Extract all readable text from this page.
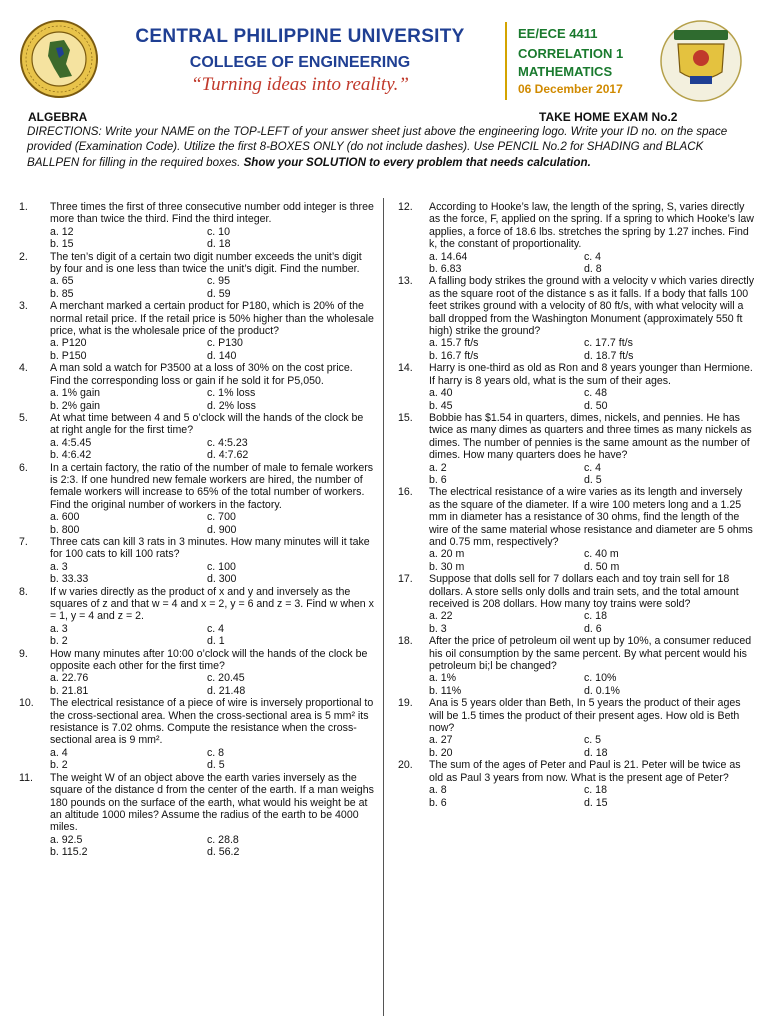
CENTRAL PHILIPPINE UNIVERSITY
COLLEGE OF ENGINEERING
“Turning ideas into reality.”
EE/ECE 4411
CORRELATION 1
MATHEMATICS
06 December 2017
ALGEBRA	TAKE HOME EXAM No.2
DIRECTIONS: Write your NAME on the TOP-LEFT of your answer sheet just above the engineering logo. Write your ID no. on the space provided (Examination Code). Utilize the first 8-BOXES ONLY (do not include dashes). Use PENCIL No.2 for SHADING and BLACK BALLPEN for filling in the required boxes. Show your SOLUTION to every problem that needs calculation.
1.	Three times the first of three consecutive number odd integer is three more than twice the third. Find the third integer.
a. 12	c. 10
b. 15	d. 18
2.	The ten’s digit of a certain two digit number exceeds the unit’s digit by four and is one less than twice the unit’s digit. Find the number.
a. 65	c. 95
b. 85	d. 59
3.	A merchant marked a certain product for P180, which is 20% of the normal retail price. If the retail price is 50% higher than the wholesale price, what is the wholesale price of the product?
a. P120	c. P130
b. P150	d. 140
4.	A man sold a watch for P3500 at a loss of 30% on the cost price. Find the corresponding loss or gain if he sold it for P5,050.
a. 1% gain	c. 1% loss
b. 2% gain	d. 2% loss
5.	At what time between 4 and 5 o’clock will the hands of the clock be at right angle for the first time?
a. 4:5.45	c. 4:5.23
b. 4:6.42	d. 4:7.62
6.	In a certain factory, the ratio of the number of male to female workers is 2:3. If one hundred new female workers are hired, the number of female workers will increase to 65% of the total number of workers. Find the original number of workers in the factory.
a. 600	c. 700
b. 800	d. 900
7.	Three cats can kill 3 rats in 3 minutes. How many minutes will it take for 100 cats to kill 100 rats?
a. 3	c. 100
b. 33.33	d. 300
8.	If w varies directly as the product of x and y and inversely as the squares of z and that w = 4 and x = 2, y = 6 and z = 3. Find w when x = 1, y = 4 and z = 2.
a. 3	c. 4
b. 2	d. 1
9.	How many minutes after 10:00 o’clock will the hands of the clock be opposite each other for the first time?
a. 22.76	c. 20.45
b. 21.81	d. 21.48
10.	The electrical resistance of a piece of wire is inversely proportional to the cross-sectional area. When the cross-sectional area is 5 mm² its resistance is 7.02 ohms. Compute the resistance when the cross-sectional area is 9 mm².
a. 4	c. 8
b. 2	d. 5
11.	The weight W of an object above the earth varies inversely as the square of the distance d from the center of the earth. If a man weighs 180 pounds on the surface of the earth, what would his weight be at an altitude 1000 miles? Assume the radius of the earth to be 4000 miles.
a. 92.5	c. 28.8
b. 115.2	d. 56.2
12.	According to Hooke’s law, the length of the spring, S, varies directly as the force, F, applied on the spring. If a spring to which Hooke’s law applies, a force of 18.6 lbs. stretches the spring by 1.27 inches. Find k, the constant of proportionality.
a. 14.64	c. 4
b. 6.83	d. 8
13.	A falling body strikes the ground with a velocity v which varies directly as the square root of the distance s as it falls. If a body that falls 100 feet strikes ground with a velocity of 80 ft/s, with what velocity will a ball dropped from the Washington Monument (approximately 550 ft high) strike the ground?
a. 15.7 ft/s	c. 17.7 ft/s
b. 16.7 ft/s	d. 18.7 ft/s
14.	Harry is one-third as old as Ron and 8 years younger than Hermione. If harry is 8 years old, what is the sum of their ages.
a. 40	c. 48
b. 45	d. 50
15.	Bobbie has $1.54 in quarters, dimes, nickels, and pennies. He has twice as many dimes as quarters and three times as many nickels as dimes. The number of pennies is the same amount as the number of dimes. How many quarters does he have?
a. 2	c. 4
b. 6	d. 5
16.	The electrical resistance of a wire varies as its length and inversely as the square of the diameter. If a wire 100 meters long and a 1.25 mm in diameter has a resistance of 30 ohms, find the length of the wire of the same material whose resistance and diameter are 5 ohms and 0.75 mm, respectively?
a. 20 m	c. 40 m
b. 30 m	d. 50 m
17.	Suppose that dolls sell for 7 dollars each and toy train sell for 18 dollars. A store sells only dolls and train sets, and the total amount received is 208 dollars. How many toy trains were sold?
a. 22	c. 18
b. 3	d. 6
18.	After the price of petroleum oil went up by 10%, a consumer reduced his oil consumption by the same percent. By what percent would his petroleum bi;l be changed?
a. 1%	c. 10%
b. 11%	d. 0.1%
19.	Ana is 5 years older than Beth, In 5 years the product of their ages will be 1.5 times the product of their present ages. How old is Beth now?
a. 27	c. 5
b. 20	d. 18
20.	The sum of the ages of Peter and Paul is 21. Peter will be twice as old as Paul 3 years from now. What is the present age of Peter?
a. 8	c. 18
b. 6	d. 15
